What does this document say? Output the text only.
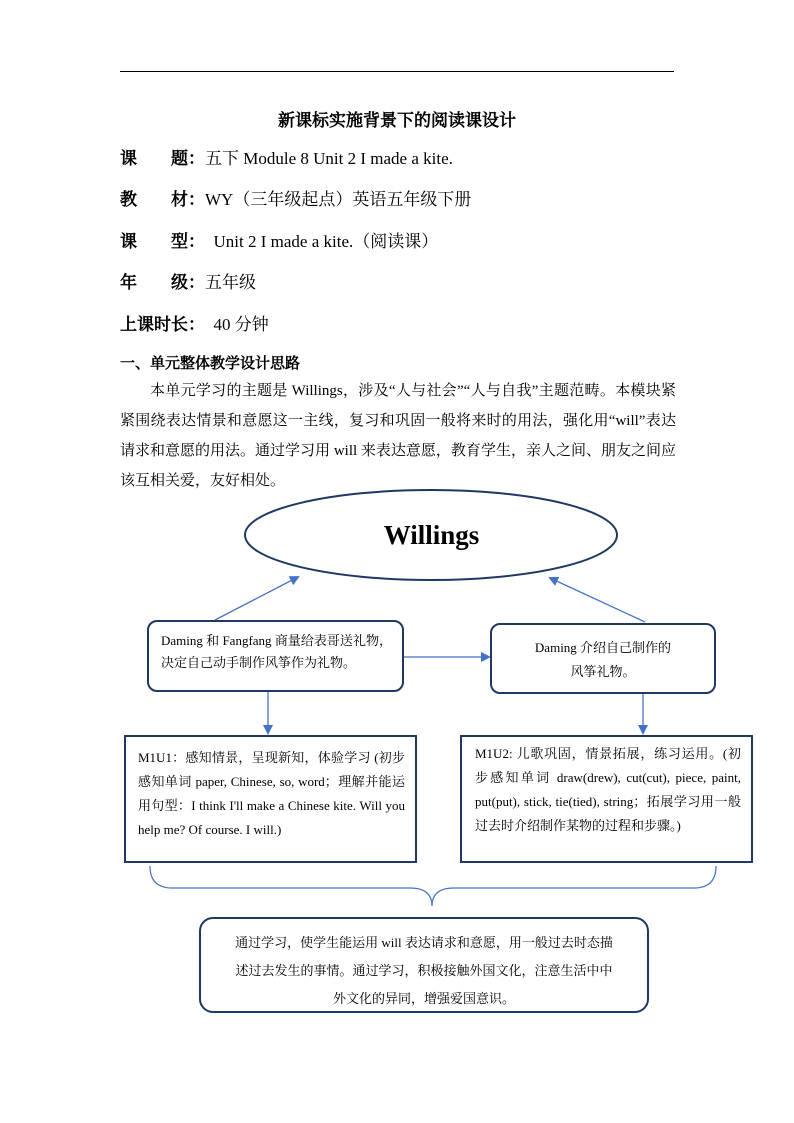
新课标实施背景下的阅读课设计
课　　题：五下 Module 8 Unit 2 I made a kite.
教　　材：WY（三年级起点）英语五年级下册
课　　型：  Unit 2 I made a kite.（阅读课）
年　　级：五年级
上课时长：  40 分钟
一、单元整体教学设计思路

本单元学习的主题是 Willings，涉及“人与社会”“人与自我”主题范畴。本模块紧紧围绕表达情景和意愿这一主线，复习和巩固一般将来时的用法，强化用“will”表达请求和意愿的用法。通过学习用 will 来表达意愿，教育学生，亲人之间、朋友之间应该互相关爱，友好相处。

Willings
Daming 和 Fangfang 商量给表哥送礼物，决定自己动手制作风筝作为礼物。
Daming 介绍自己制作的
风筝礼物。
M1U1：感知情景，呈现新知，体验学习 (初步感知单词 paper, Chinese, so, word；理解并能运用句型：I think I'll make a Chinese kite. Will you help me? Of course. I will.)
M1U2: 儿歌巩固，情景拓展，练习运用。(初步感知单词 draw(drew), cut(cut), piece, paint, put(put), stick, tie(tied), string；拓展学习用一般过去时介绍制作某物的过程和步骤。)
通过学习，使学生能运用 will 表达请求和意愿，用一般过去时态描
述过去发生的事情。通过学习，积极接触外国文化，注意生活中中
外文化的异同，增强爱国意识。
